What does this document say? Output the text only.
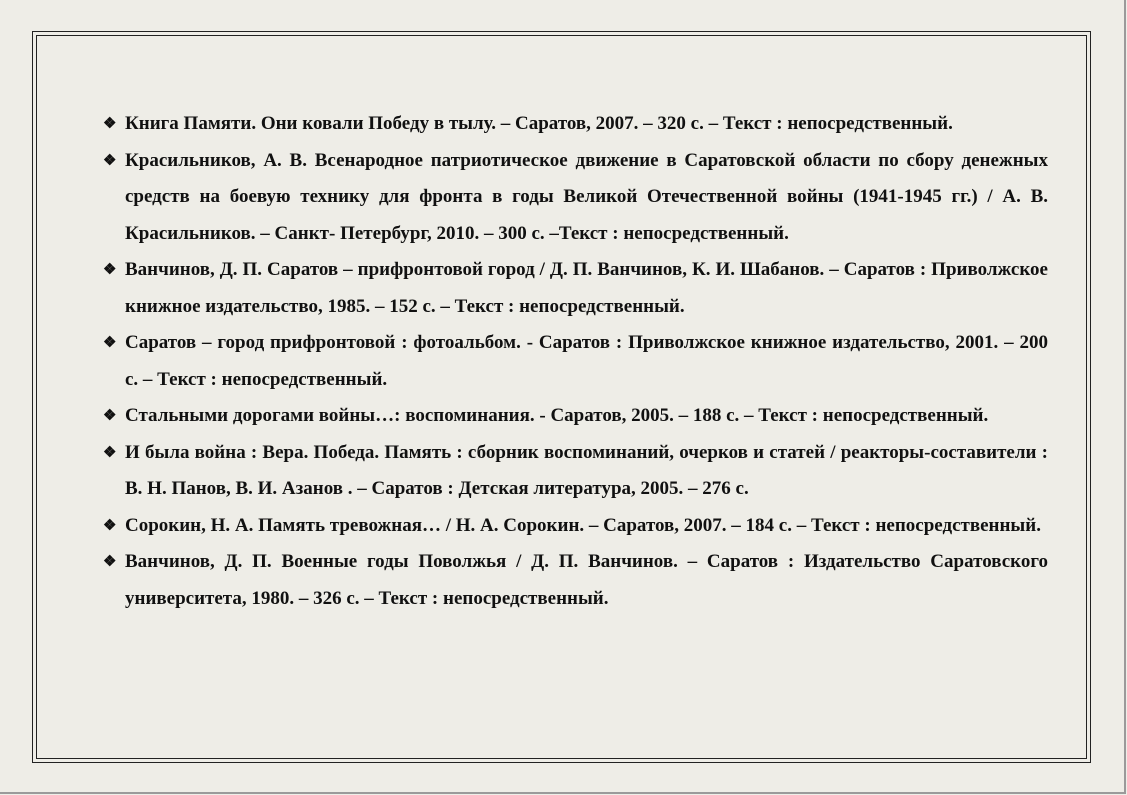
❖ Книга Памяти. Они ковали Победу в тылу. – Саратов, 2007. – 320 с. – Текст : непосредственный.
❖ Красильников, А. В. Всенародное патриотическое движение в Саратовской области по сбору денежных средств на боевую технику для фронта в годы Великой Отечественной войны (1941-1945 гг.) / А. В. Красильников. – Санкт- Петербург, 2010. – 300 с. –Текст : непосредственный.
❖ Ванчинов, Д. П. Саратов – прифронтовой город / Д. П. Ванчинов, К. И. Шабанов. – Саратов : Приволжское книжное издательство, 1985. – 152 с. – Текст : непосредственный.
❖ Саратов – город прифронтовой : фотоальбом. - Саратов : Приволжское книжное издательство, 2001. – 200 с. – Текст : непосредственный.
❖ Стальными дорогами войны…: воспоминания. - Саратов, 2005. – 188 с. – Текст : непосредственный.
❖ И была война : Вера. Победа. Память : сборник воспоминаний, очерков и статей / реакторы-составители : В. Н. Панов, В. И. Азанов . – Саратов : Детская литература, 2005. – 276 с.
❖ Сорокин, Н. А. Память тревожная… / Н. А. Сорокин. – Саратов, 2007. – 184 с. – Текст : непосредственный.
❖ Ванчинов, Д. П. Военные годы Поволжья / Д. П. Ванчинов. – Саратов : Издательство Саратовского университета, 1980. – 326 с. – Текст : непосредственный.
